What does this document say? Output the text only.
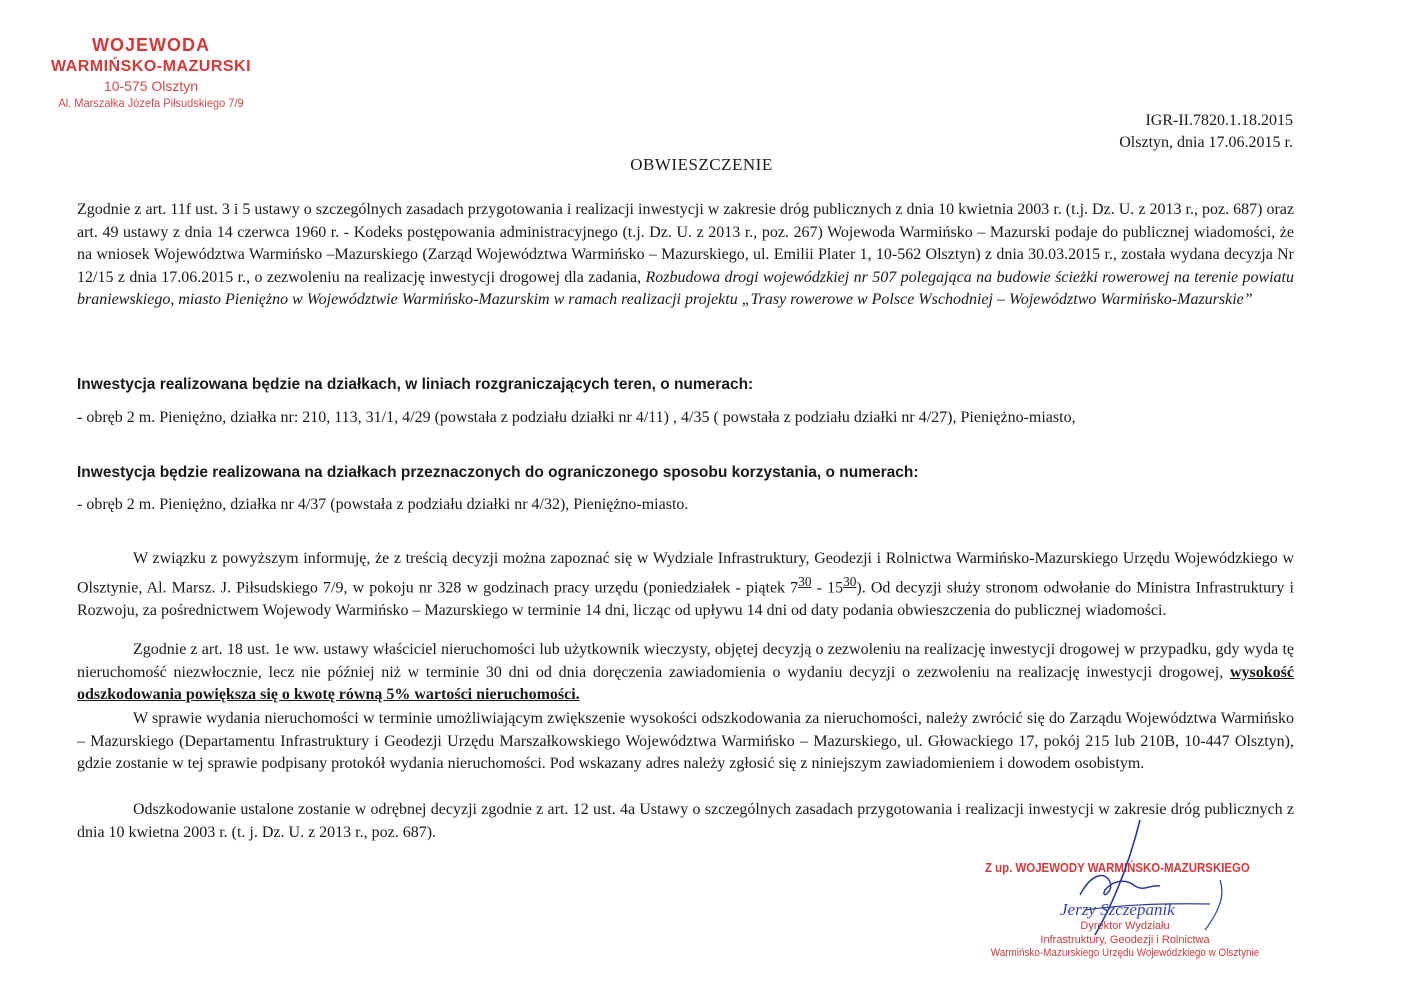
WOJEWODA
WARMIŃSKO-MAZURSKI
10-575 Olsztyn
Al. Marszałka Józefa Piłsudskiego 7/9
IGR-II.7820.1.18.2015
Olsztyn, dnia 17.06.2015 r.
OBWIESZCZENIE
Zgodnie z art. 11f ust. 3 i 5 ustawy o szczególnych zasadach przygotowania i realizacji inwestycji w zakresie dróg publicznych z dnia 10 kwietnia 2003 r. (t.j. Dz. U. z 2013 r., poz. 687) oraz art. 49 ustawy z dnia 14 czerwca 1960 r. - Kodeks postępowania administracyjnego (t.j. Dz. U. z 2013 r., poz. 267) Wojewoda Warmińsko – Mazurski podaje do publicznej wiadomości, że na wniosek Województwa Warmińsko –Mazurskiego (Zarząd Województwa Warmińsko – Mazurskiego, ul. Emilii Plater 1, 10-562 Olsztyn) z dnia 30.03.2015 r., została wydana decyzja Nr 12/15 z dnia 17.06.2015 r., o zezwoleniu na realizację inwestycji drogowej dla zadania, Rozbudowa drogi wojewódzkiej nr 507 polegająca na budowie ścieżki rowerowej na terenie powiatu braniewskiego, miasto Pieniężno w Województwie Warmińsko-Mazurskim w ramach realizacji projektu „Trasy rowerowe w Polsce Wschodniej – Województwo Warmińsko-Mazurskie”
Inwestycja realizowana będzie na działkach, w liniach rozgraniczających teren, o numerach:
- obręb 2 m. Pieniężno, działka nr: 210, 113, 31/1, 4/29 (powstała z podziału działki nr 4/11) , 4/35 ( powstała z podziału działki nr 4/27), Pieniężno-miasto,
Inwestycja będzie realizowana na działkach przeznaczonych do ograniczonego sposobu korzystania, o numerach:
- obręb 2 m. Pieniężno, działka nr 4/37 (powstała z podziału działki nr 4/32), Pieniężno-miasto.
W związku z powyższym informuję, że z treścią decyzji można zapoznać się w Wydziale Infrastruktury, Geodezji i Rolnictwa Warmińsko-Mazurskiego Urzędu Wojewódzkiego w Olsztynie, Al. Marsz. J. Piłsudskiego 7/9, w pokoju nr 328 w godzinach pracy urzędu (poniedziałek - piątek $7^{30} - 15^{30}$). Od decyzji służy stronom odwołanie do Ministra Infrastruktury i Rozwoju, za pośrednictwem Wojewody Warmińsko – Mazurskiego w terminie 14 dni, licząc od upływu 14 dni od daty podania obwieszczenia do publicznej wiadomości.
Zgodnie z art. 18 ust. 1e ww. ustawy właściciel nieruchomości lub użytkownik wieczysty, objętej decyzją o zezwoleniu na realizację inwestycji drogowej w przypadku, gdy wyda tę nieruchomość niezwłocznie, lecz nie później niż w terminie 30 dni od dnia doręczenia zawiadomienia o wydaniu decyzji o zezwoleniu na realizację inwestycji drogowej, wysokość odszkodowania powiększa się o kwotę równą 5% wartości nieruchomości.
W sprawie wydania nieruchomości w terminie umożliwiającym zwiększenie wysokości odszkodowania za nieruchomości, należy zwrócić się do Zarządu Województwa Warmińsko – Mazurskiego (Departamentu Infrastruktury i Geodezji Urzędu Marszałkowskiego Województwa Warmińsko – Mazurskiego, ul. Głowackiego 17, pokój 215 lub 210B, 10-447 Olsztyn), gdzie zostanie w tej sprawie podpisany protokół wydania nieruchomości. Pod wskazany adres należy zgłosić się z niniejszym zawiadomieniem i dowodem osobistym.
Odszkodowanie ustalone zostanie w odrębnej decyzji zgodnie z art. 12 ust. 4a Ustawy o szczególnych zasadach przygotowania i realizacji inwestycji w zakresie dróg publicznych z dnia 10 kwietna 2003 r. (t. j. Dz. U. z 2013 r., poz. 687).
Z up. WOJEWODY WARMIŃSKO-MAZURSKIEGO
Jerzy Szczepanik
Dyrektor Wydziału
Infrastruktury, Geodezji i Rolnictwa
Warmińsko-Mazurskiego Urzędu Wojewódzkiego w Olsztynie
